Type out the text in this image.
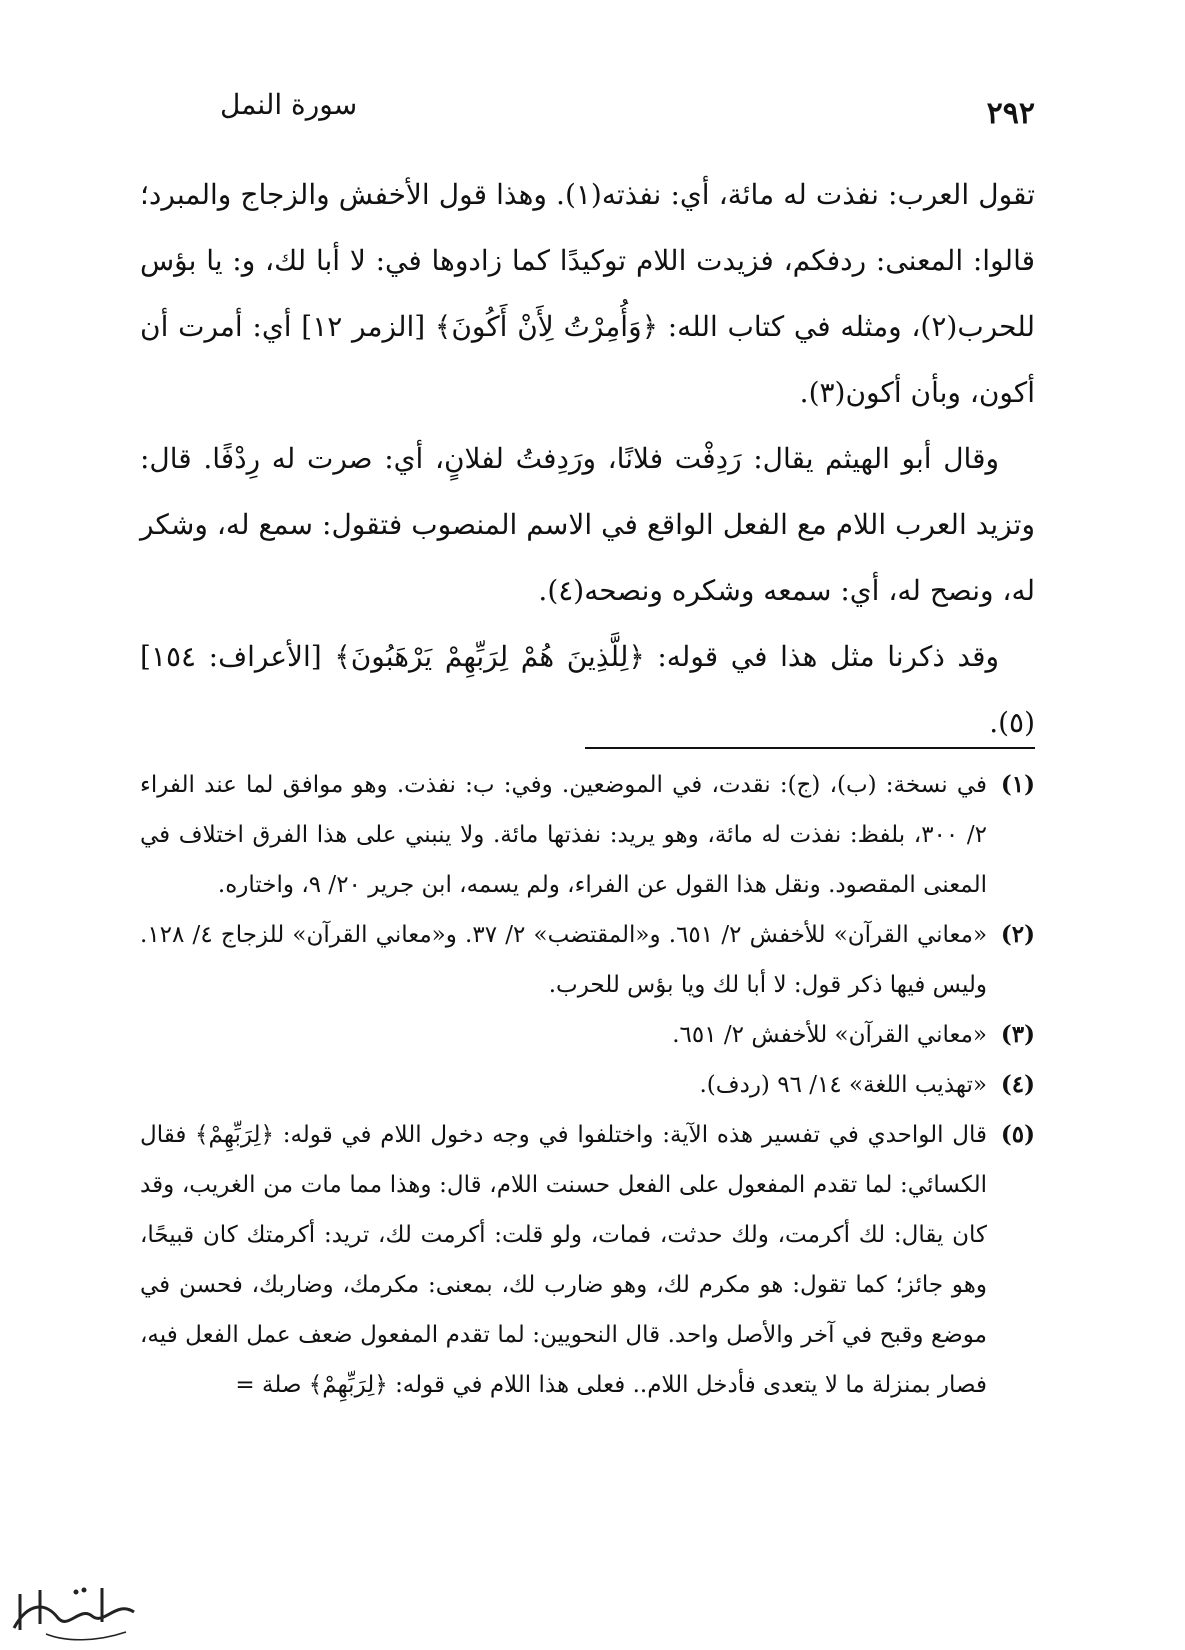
٢٩٢
سورة النمل

تقول العرب: نفذت له مائة، أي: نفذته(١). وهذا قول الأخفش والزجاج والمبرد؛ قالوا: المعنى: ردفكم، فزيدت اللام توكيدًا كما زادوها في: لا أبا لك، و: يا بؤس للحرب(٢)، ومثله في كتاب الله: ﴿وَأُمِرْتُ لِأَنْ أَكُونَ﴾ [الزمر ١٢] أي: أمرت أن أكون، وبأن أكون(٣).

وقال أبو الهيثم يقال: رَدِفْت فلانًا، ورَدِفتُ لفلانٍ، أي: صرت له رِدْفًا. قال: وتزيد العرب اللام مع الفعل الواقع في الاسم المنصوب فتقول: سمع له، وشكر له، ونصح له، أي: سمعه وشكره ونصحه(٤).

وقد ذكرنا مثل هذا في قوله: ﴿لِلَّذِينَ هُمْ لِرَبِّهِمْ يَرْهَبُونَ﴾ [الأعراف: ١٥٤](٥).

(١)
في نسخة: (ب)، (ج): نقدت، في الموضعين. وفي: ب: نفذت. وهو موافق لما عند الفراء ٢/ ٣٠٠، بلفظ: نفذت له مائة، وهو يريد: نفذتها مائة. ولا ينبني على هذا الفرق اختلاف في المعنى المقصود. ونقل هذا القول عن الفراء، ولم يسمه، ابن جرير ٢٠/ ٩، واختاره.
(٢)
«معاني القرآن» للأخفش ٢/ ٦٥١. و«المقتضب» ٢/ ٣٧. و«معاني القرآن» للزجاج ٤/ ١٢٨. وليس فيها ذكر قول: لا أبا لك ويا بؤس للحرب.
(٣)
«معاني القرآن» للأخفش ٢/ ٦٥١.
(٤)
«تهذيب اللغة» ١٤/ ٩٦ (ردف).
(٥)
قال الواحدي في تفسير هذه الآية: واختلفوا في وجه دخول اللام في قوله: ﴿لِرَبِّهِمْ﴾ فقال الكسائي: لما تقدم المفعول على الفعل حسنت اللام، قال: وهذا مما مات من الغريب، وقد كان يقال: لك أكرمت، ولك حدثت، فمات، ولو قلت: أكرمت لك، تريد: أكرمتك كان قبيحًا، وهو جائز؛ كما تقول: هو مكرم لك، وهو ضارب لك، بمعنى: مكرمك، وضاربك، فحسن في موضع وقبح في آخر والأصل واحد. قال النحويين: لما تقدم المفعول ضعف عمل الفعل فيه، فصار بمنزلة ما لا يتعدى فأدخل اللام.. فعلى هذا اللام في قوله: ﴿لِرَبِّهِمْ﴾ صلة =
